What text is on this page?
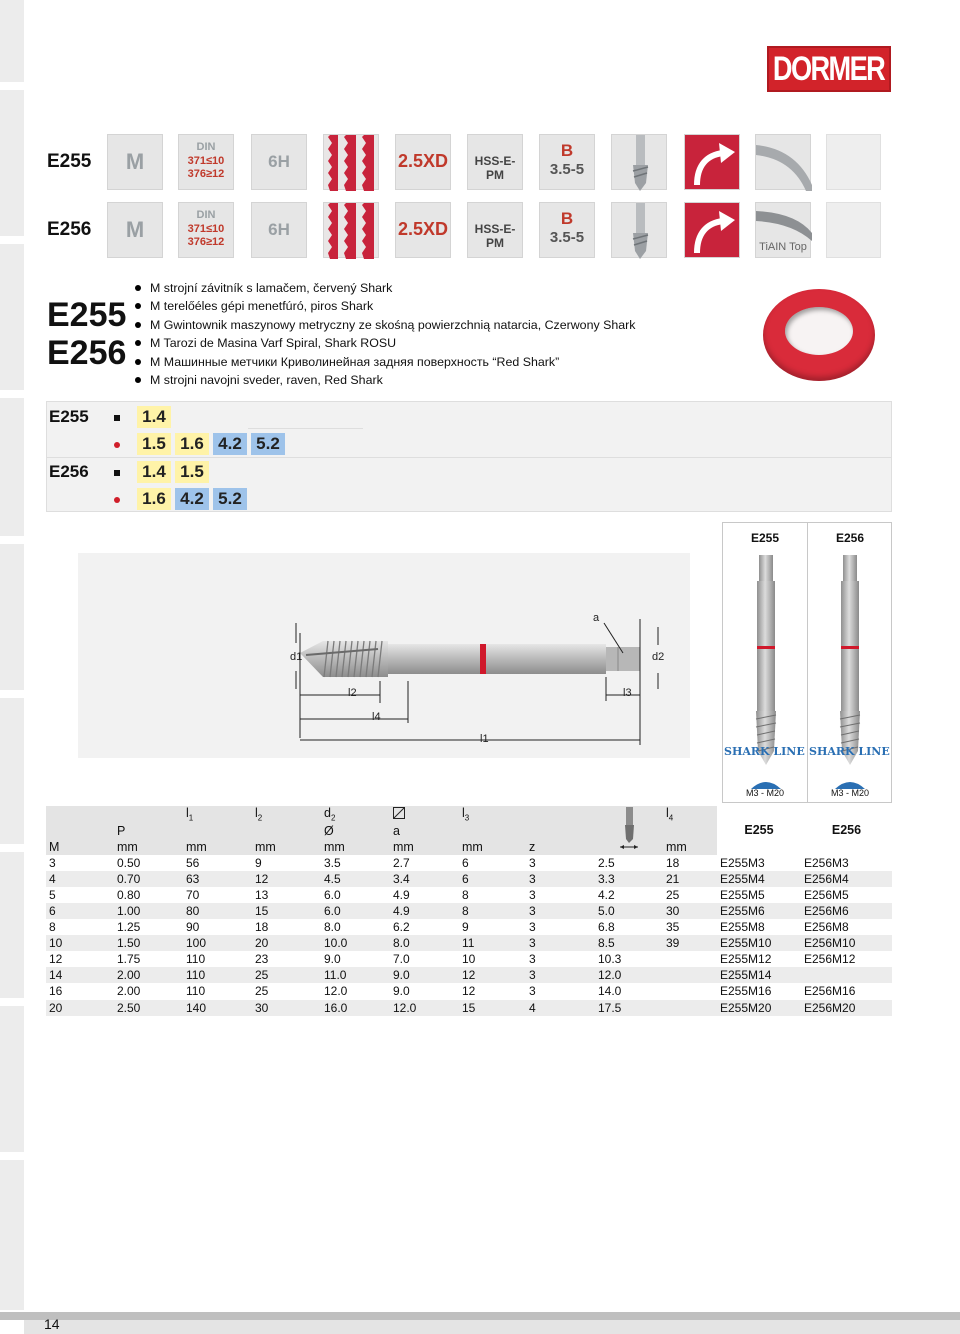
DORMER
E255
E256
M
DIN
371≤10
376≥12
6H	2.5XD	HSS-E-PM
B
3.5-5
M
DIN
371≤10
376≥12
6H	2.5XD	HSS-E-PM
B
3.5-5
TiAIN Top
E255
E256
M strojní závitník s lamačem, červený Shark
M terelőéles gépi menetfúró, piros Shark
M Gwintownik maszynowy metryczny ze skośną powierzchnią natarcia, Czerwony Shark
M Tarozi de Masina Varf Spiral, Shark ROSU
M Машинные метчики Криволинейная задняя поверхность “Red Shark”
M strojni navojni sveder, raven, Red Shark
E255	1.4
1.5 1.6 4.2 5.2
E256	1.4 1.5
1.6 4.2 5.2
d1	d2
a
l1
l2	l3
l4
E255	E256
SHARK LINE SHARK LINE
M3 - M20	M3 - M20
		$l_1$	$l_2$	$d_2$		$l_3$			$l_4$	E255	E256
	P			Ø	a						
M	mm	mm	mm	mm	mm	mm	z		mm		
3	0.50	56	9	3.5	2.7	6	3	2.5	18	E255M3	E256M3
4	0.70	63	12	4.5	3.4	6	3	3.3	21	E255M4	E256M4
5	0.80	70	13	6.0	4.9	8	3	4.2	25	E255M5	E256M5
6	1.00	80	15	6.0	4.9	8	3	5.0	30	E255M6	E256M6
8	1.25	90	18	8.0	6.2	9	3	6.8	35	E255M8	E256M8
10	1.50	100	20	10.0	8.0	11	3	8.5	39	E255M10	E256M10
12	1.75	110	23	9.0	7.0	10	3	10.3		E255M12	E256M12
14	2.00	110	25	11.0	9.0	12	3	12.0		E255M14	
16	2.00	110	25	12.0	9.0	12	3	14.0		E255M16	E256M16
20	2.50	140	30	16.0	12.0	15	4	17.5		E255M20	E256M20
14
